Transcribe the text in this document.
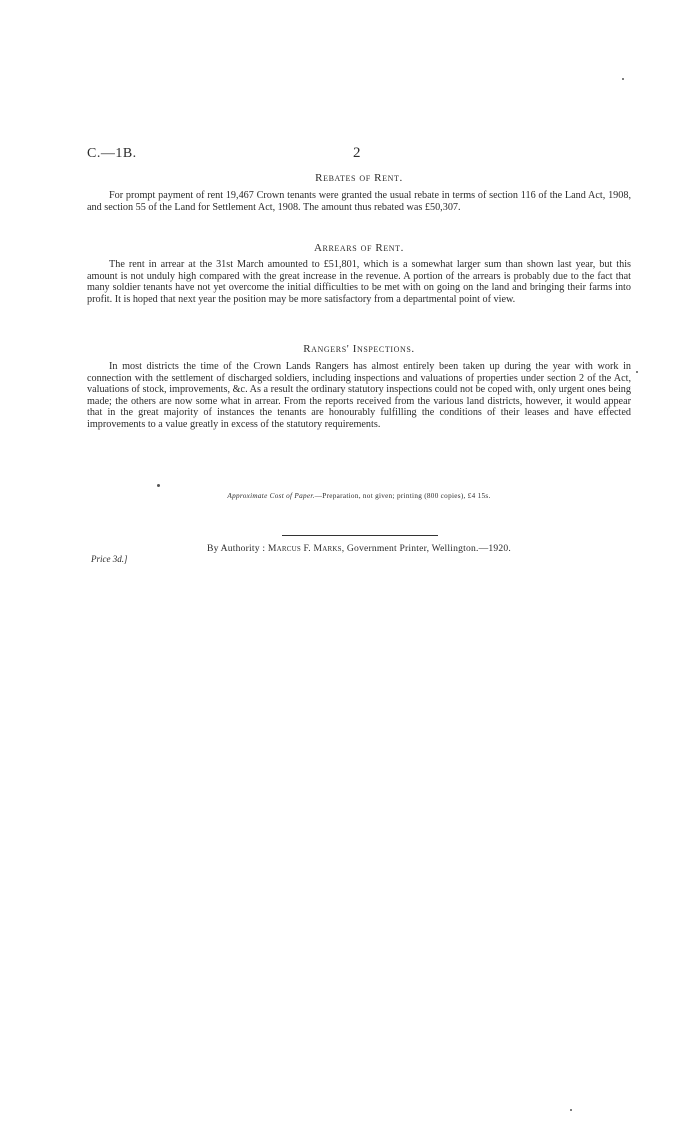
C.—1B.	2
Rebates of Rent.

For prompt payment of rent 19,467 Crown tenants were granted the usual rebate in terms of section 116 of the Land Act, 1908, and section 55 of the Land for Settlement Act, 1908. The amount thus rebated was £50,307.

Arrears of Rent.

The rent in arrear at the 31st March amounted to £51,801, which is a somewhat larger sum than shown last year, but this amount is not unduly high compared with the great increase in the revenue. A portion of the arrears is probably due to the fact that many soldier tenants have not yet overcome the initial difficulties to be met with on going on the land and bringing their farms into profit. It is hoped that next year the position may be more satisfactory from a departmental point of view.

Rangers' Inspections.

In most districts the time of the Crown Lands Rangers has almost entirely been taken up during the year with work in connection with the settlement of discharged soldiers, including inspections and valuations of properties under section 2 of the Act, valuations of stock, improvements, &c. As a result the ordinary statutory inspections could not be coped with, only urgent ones being made; the others are now some what in arrear. From the reports received from the various land districts, however, it would appear that in the great majority of instances the tenants are honourably fulfilling the conditions of their leases and have effected improvements to a value greatly in excess of the statutory requirements.

Approximate Cost of Paper.—Preparation, not given; printing (800 copies), £4 15s.
By Authority : Marcus F. Marks, Government Printer, Wellington.—1920.
Price 3d.]
